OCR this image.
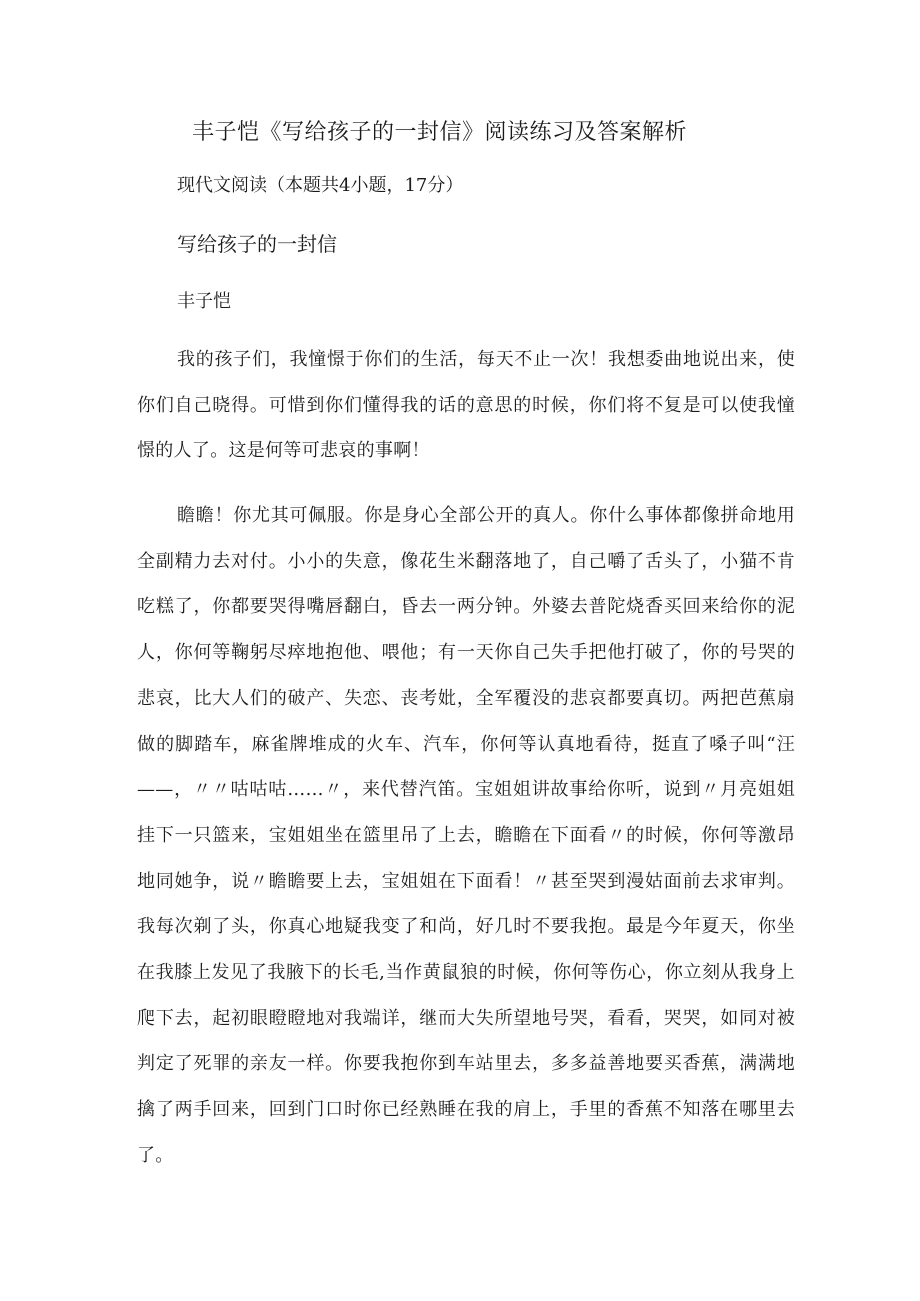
丰子恺《写给孩子的一封信》阅读练习及答案解析
现代文阅读（本题共4小题，17分）
写给孩子的一封信
丰子恺

我的孩子们，我憧憬于你们的生活，每天不止一次！我想委曲地说出来，使你们自己晓得。可惜到你们懂得我的话的意思的时候，你们将不复是可以使我憧憬的人了。这是何等可悲哀的事啊！

瞻瞻！你尤其可佩服。你是身心全部公开的真人。你什么事体都像拼命地用全副精力去对付。小小的失意，像花生米翻落地了，自己嚼了舌头了，小猫不肯吃糕了，你都要哭得嘴唇翻白，昏去一两分钟。外婆去普陀烧香买回来给你的泥人，你何等鞠躬尽瘁地抱他、喂他；有一天你自己失手把他打破了，你的号哭的悲哀，比大人们的破产、失恋、丧考妣，全军覆没的悲哀都要真切。两把芭蕉扇做的脚踏车，麻雀牌堆成的火车、汽车，你何等认真地看待，挺直了嗓子叫“汪——，〃〃咕咕咕……〃，来代替汽笛。宝姐姐讲故事给你听，说到〃月亮姐姐挂下一只篮来，宝姐姐坐在篮里吊了上去，瞻瞻在下面看〃的时候，你何等激昂地同她争，说〃瞻瞻要上去，宝姐姐在下面看！〃甚至哭到漫姑面前去求审判。我每次剃了头，你真心地疑我变了和尚，好几时不要我抱。最是今年夏天，你坐在我膝上发见了我腋下的长毛,当作黄鼠狼的时候，你何等伤心，你立刻从我身上爬下去，起初眼瞪瞪地对我端详，继而大失所望地号哭，看看，哭哭，如同对被判定了死罪的亲友一样。你要我抱你到车站里去，多多益善地要买香蕉，满满地擒了两手回来，回到门口时你已经熟睡在我的肩上，手里的香蕉不知落在哪里去了。
